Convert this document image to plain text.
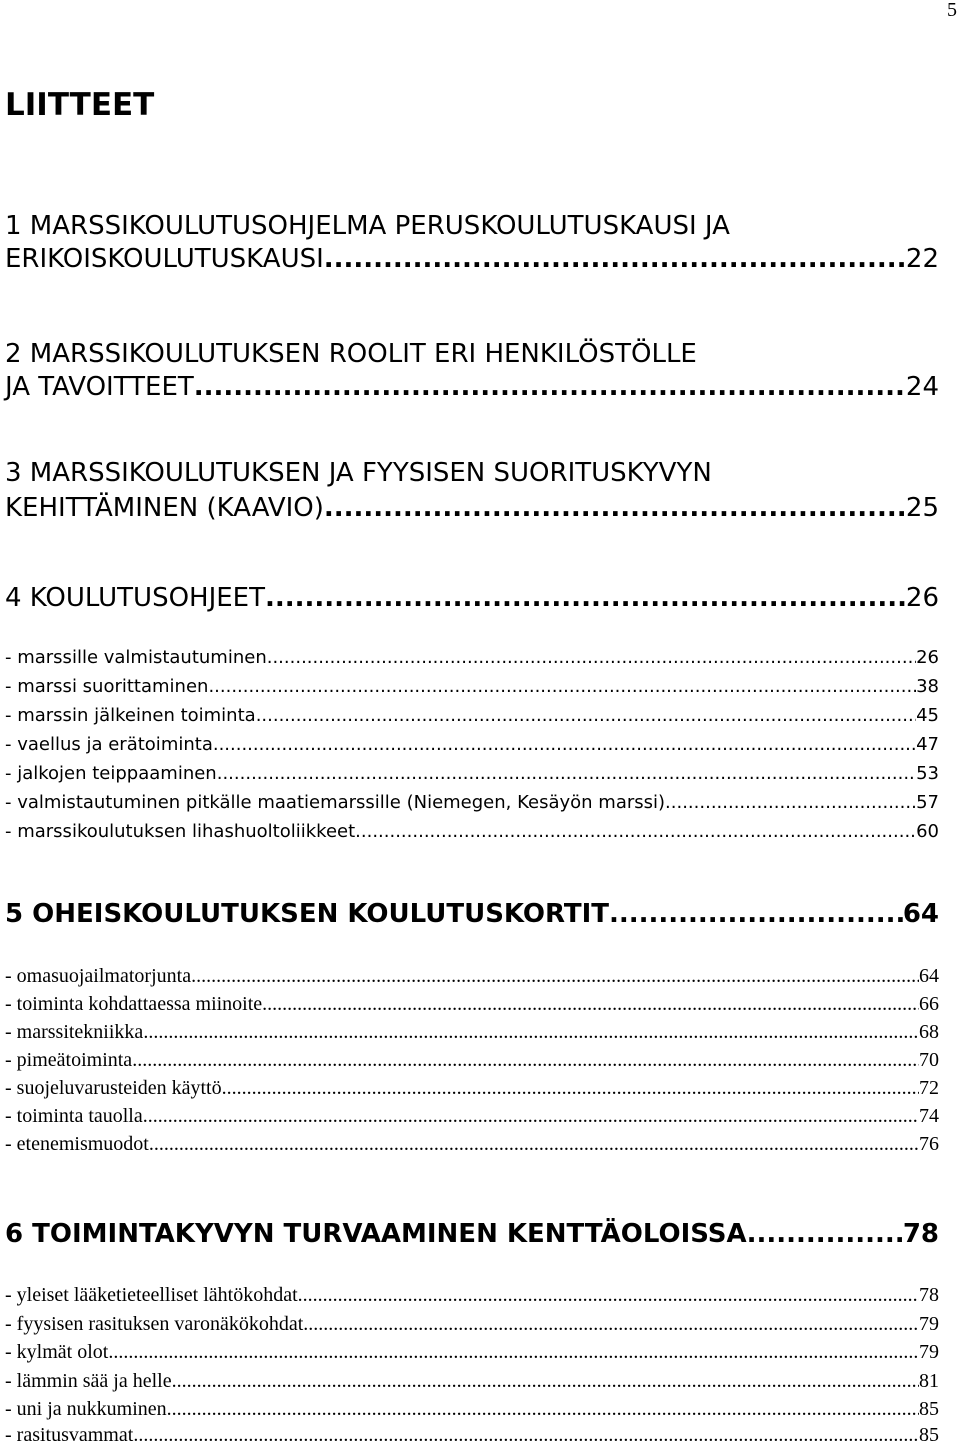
5
LIITTEET
1 MARSSIKOULUTUSOHJELMA PERUSKOULUTUSKAUSI JA
ERIKOISKOULUTUSKAUSI .....	22
2 MARSSIKOULUTUKSEN ROOLIT ERI HENKILÖSTÖLLE
JA TAVOITTEET .....	24
3 MARSSIKOULUTUKSEN JA FYYSISEN SUORITUSKYVYN
KEHITTÄMINEN (KAAVIO) .....	25
4 KOULUTUSOHJEET .....	26
- marssille valmistautuminen .....	26
- marssi suorittaminen .....	38
- marssin jälkeinen toiminta .....	45
- vaellus ja erätoiminta .....	47
- jalkojen teippaaminen .....	53
- valmistautuminen pitkälle maatiemarssille (Niemegen, Kesäyön marssi) .....	57
- marssikoulutuksen lihashuoltoliikkeet .....	60
5 OHEISKOULUTUKSEN KOULUTUSKORTIT .....	64
- omasuojailmatorjunta .....	64
- toiminta kohdattaessa miinoite .....	66
- marssitekniikka .....	68
- pimeätoiminta .....	70
- suojeluvarusteiden käyttö .....	72
- toiminta tauolla .....	74
- etenemismuodot .....	76
6 TOIMINTAKYVYN TURVAAMINEN KENTTÄOLOISSA .....	78
- yleiset lääketieteelliset lähtökohdat .....	78
- fyysisen rasituksen varonäkökohdat .....	79
- kylmät olot .....	79
- lämmin sää ja helle .....	81
- uni ja nukkuminen .....	85
- rasitusvammat .....	85
